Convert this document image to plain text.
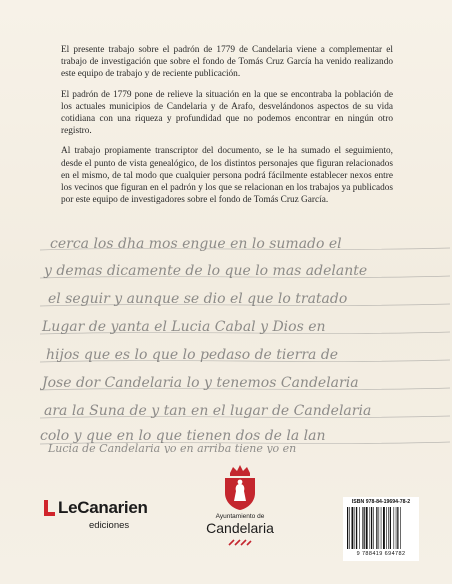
El presente trabajo sobre el padrón de 1779 de Candelaria viene a complementar el trabajo de investigación que sobre el fondo de Tomás Cruz García ha venido realizando este equipo de trabajo y de reciente publicación.

El padrón de 1779 pone de relieve la situación en la que se encontraba la población de los actuales municipios de Candelaria y de Arafo, desvelándonos aspectos de su vida cotidiana con una riqueza y profundidad que no podemos encontrar en ningún otro registro.

Al trabajo propiamente transcriptor del documento, se le ha sumado el seguimiento, desde el punto de vista genealógico, de los distintos personajes que figuran relacionados en el mismo, de tal modo que cualquier persona podrá fácilmente establecer nexos entre los vecinos que figuran en el padrón y los que se relacionan en los trabajos ya publicados por este equipo de investigadores sobre el fondo de Tomás Cruz García.

cerca los dha mos engue en lo sumado el
y demas dicamente de lo que lo mas adelante
el seguir y aunque se dio el que lo tratado
Lugar de yanta el Lucia Cabal y Dios en
hijos que es lo que lo pedaso de tierra de
Jose dor Candelaria lo y tenemos Candelaria
ara la Suna de y tan en el lugar de Candelaria
colo y que en lo que tienen dos de la lan
Lucia de Candelaria yo en arriba tiene yo en
LeCanarien
ediciones
Ayuntamiento de
Candelaria
ISBN 978-84-19694-78-2
9 788419 694782
